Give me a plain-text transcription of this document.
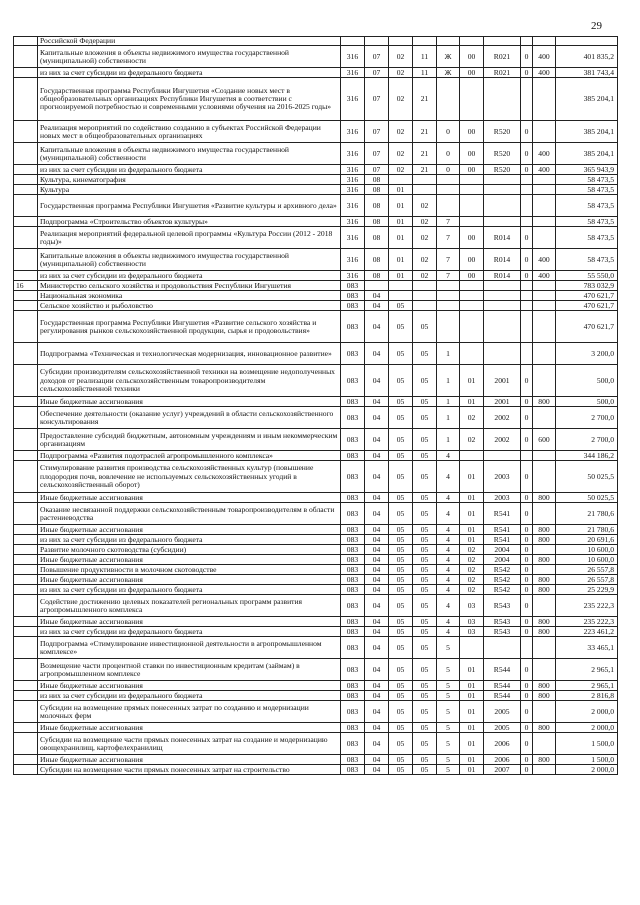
29
	Российской Федерации										
	Капитальные вложения в объекты недвижимого имущества государственной (муниципальной) собственности	316	07	02	11	Ж	00	R021	0	400	401 835,2
	из них за счет субсидии из федерального бюджета	316	07	02	11	Ж	00	R021	0	400	381 743,4
	Государственная программа Республики Ингушетия «Создание новых мест в общеобразовательных организациях Республики Ингушетия в соответствии с прогнозируемой потребностью и современными условиями обучения на 2016-2025 годы»	316	07	02	21						385 204,1
	Реализация мероприятий по содействию созданию в субъектах Российской Федерации новых мест в общеобразовательных организациях	316	07	02	21	0	00	R520	0		385 204,1
	Капитальные вложения в объекты недвижимого имущества государственной (муниципальной) собственности	316	07	02	21	0	00	R520	0	400	385 204,1
	из них за счет субсидии из федерального бюджета	316	07	02	21	0	00	R520	0	400	365 943,9
	Культура, кинематография	316	08								58 473,5
	Культура	316	08	01							58 473,5
	Государственная программа Республики Ингушетия «Развитие культуры и архивного дела»	316	08	01	02						58 473,5
	Подпрограмма «Строительство объектов культуры»	316	08	01	02	7					58 473,5
	Реализация мероприятий федеральной целевой программы «Культура России (2012 - 2018 годы)»	316	08	01	02	7	00	R014	0		58 473,5
	Капитальные вложения в объекты недвижимого имущества государственной (муниципальной) собственности	316	08	01	02	7	00	R014	0	400	58 473,5
	из них за счет субсидии из федерального бюджета	316	08	01	02	7	00	R014	0	400	55 550,0
16	Министерство сельского хозяйства и продовольствия Республики Ингушетия	083									783 032,9
	Национальная экономика	083	04								470 621,7
	Сельское хозяйство и рыболовство	083	04	05							470 621,7
	Государственная программа Республики Ингушетия «Развитие сельского хозяйства и регулирования рынков сельскохозяйственной продукции, сырья и продовольствия»	083	04	05	05						470 621,7
	Подпрограмма «Техническая и технологическая модернизация, инновационное развитие»	083	04	05	05	1					3 200,0
	Субсидии производителям сельскохозяйственной техники на возмещение недополученных доходов от реализации сельскохозяйственным товаропроизводителям сельскохозяйственной техники	083	04	05	05	1	01	2001	0		500,0
	Иные бюджетные ассигнования	083	04	05	05	1	01	2001	0	800	500,0
	Обеспечение деятельности (оказание услуг) учреждений в области сельскохозяйственного консультирования	083	04	05	05	1	02	2002	0		2 700,0
	Предоставление субсидий бюджетным, автономным учреждениям и иным некоммерческим организациям	083	04	05	05	1	02	2002	0	600	2 700,0
	Подпрограмма «Развития подотраслей агропромышленного комплекса»	083	04	05	05	4					344 186,2
	Стимулирование развития производства сельскохозяйственных культур (повышение плодородия почв, вовлечение не используемых сельскохозяйственных угодий в сельскохозяйственный оборот)	083	04	05	05	4	01	2003	0		50 025,5
	Иные бюджетные ассигнования	083	04	05	05	4	01	2003	0	800	50 025,5
	Оказание несвязанной поддержки сельскохозяйственным товаропроизводителям в области растениеводства	083	04	05	05	4	01	R541	0		21 780,6
	Иные бюджетные ассигнования	083	04	05	05	4	01	R541	0	800	21 780,6
	из них за счет субсидии из федерального бюджета	083	04	05	05	4	01	R541	0	800	20 691,6
	Развитие молочного скотоводства (субсидии)	083	04	05	05	4	02	2004	0		10 600,0
	Иные бюджетные ассигнования	083	04	05	05	4	02	2004	0	800	10 600,0
	Повышение продуктивности в молочном скотоводстве	083	04	05	05	4	02	R542	0		26 557,8
	Иные бюджетные ассигнования	083	04	05	05	4	02	R542	0	800	26 557,8
	из них за счет субсидии из федерального бюджета	083	04	05	05	4	02	R542	0	800	25 229,9
	Содействие достижению целевых показателей региональных программ развития агропромышленного комплекса	083	04	05	05	4	03	R543	0		235 222,3
	Иные бюджетные ассигнования	083	04	05	05	4	03	R543	0	800	235 222,3
	из них за счет субсидии из федерального бюджета	083	04	05	05	4	03	R543	0	800	223 461,2
	Подпрограмма «Стимулирование инвестиционной деятельности в агропромышленном комплексе»	083	04	05	05	5					33 465,1
	Возмещение части процентной ставки по инвестиционным кредитам (займам) в агропромышленном комплексе	083	04	05	05	5	01	R544	0		2 965,1
	Иные бюджетные ассигнования	083	04	05	05	5	01	R544	0	800	2 965,1
	из них за счет субсидии из федерального бюджета	083	04	05	05	5	01	R544	0	800	2 816,8
	Субсидии на возмещение прямых понесенных затрат по созданию и модернизации молочных ферм	083	04	05	05	5	01	2005	0		2 000,0
	Иные бюджетные ассигнования	083	04	05	05	5	01	2005	0	800	2 000,0
	Субсидии на возмещение части прямых понесенных затрат на создание и модернизацию овощехранилищ, картофелехранилищ	083	04	05	05	5	01	2006	0		1 500,0
	Иные бюджетные ассигнования	083	04	05	05	5	01	2006	0	800	1 500,0
	Субсидии на возмещение части прямых понесенных затрат на строительство	083	04	05	05	5	01	2007	0		2 000,0
